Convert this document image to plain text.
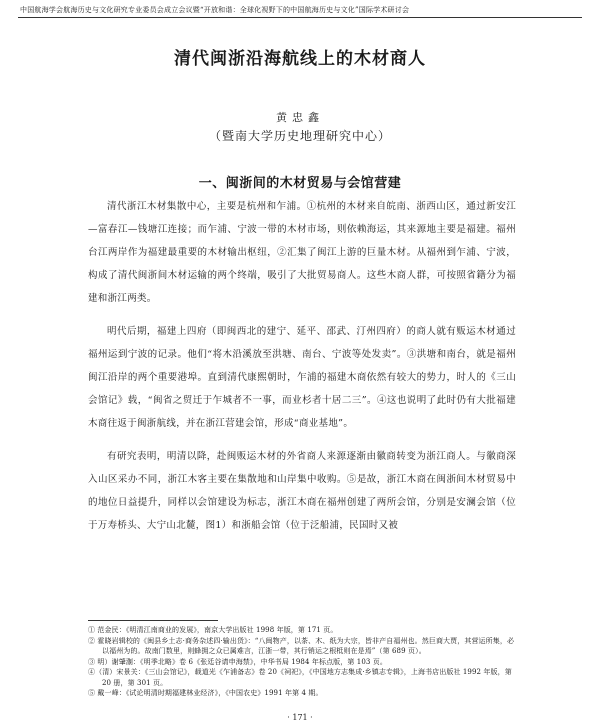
中国航海学会航海历史与文化研究专业委员会成立会议暨“开放和谐：全球化视野下的中国航海历史与文化”国际学术研讨会
清代闽浙沿海航线上的木材商人
黄忠鑫
（暨南大学历史地理研究中心）
一、闽浙间的木材贸易与会馆营建

清代浙江木材集散中心，主要是杭州和乍浦。①杭州的木材来自皖南、浙西山区，通过新安江—富春江—钱塘江连接；而乍浦、宁波一带的木材市场，则依赖海运，其来源地主要是福建。福州台江两岸作为福建最重要的木材输出枢纽，②汇集了闽江上游的巨量木材。从福州到乍浦、宁波，构成了清代闽浙间木材运输的两个终端，吸引了大批贸易商人。这些木商人群，可按照省籍分为福建和浙江两类。

明代后期，福建上四府（即闽西北的建宁、延平、邵武、汀州四府）的商人就有贩运木材通过福州运到宁波的记录。他们“将木沿溪放至洪塘、南台、宁波等处发卖”。③洪塘和南台，就是福州闽江沿岸的两个重要港埠。直到清代康熙朝时，乍浦的福建木商依然有较大的势力，时人的《三山会馆记》载，“闽省之贸迁于乍城者不一事，而业杉者十居二三”。④这也说明了此时仍有大批福建木商往返于闽浙航线，并在浙江营建会馆，形成“商业基地”。

有研究表明，明清以降，赴闽贩运木材的外省商人来源逐渐由徽商转变为浙江商人。与徽商深入山区采办不同，浙江木客主要在集散地和山岸集中收购。⑤是故，浙江木商在闽浙间木材贸易中的地位日益提升，同样以会馆建设为标志，浙江木商在福州创建了两所会馆，分别是安澜会馆（位于万寿桥头、大宁山北麓，图1）和浙船会馆（位于泛船浦，民国时又被

① 范金民：《明清江南商业的发展》，南京大学出版社 1998 年版，第 171 页。

② 霍晓岩辑校的《闽县乡土志·商务杂述四·输出货》：“八闽物产，以茶、木、纸为大宗，皆非产自福州也。然巨商大贾，其营运所集，必以福州为的。故南门数里，则蜂拥之众已属难言，江浙一带，其行销运之根柢则在是焉”（第 689 页）。

③ 明）谢肇淛：《明季北略》卷 6《张廷谷请申海禁》，中华书局 1984 年标点版，第 103 页。

④（清）宋景关：《三山会馆记》，载道光《乍浦备志》卷 20《祠祀》，《中国地方志集成·乡镇志专辑》，上海书店出版社 1992 年版，第 20 册，第 301 页。

⑤ 戴一峰：《试论明清时期福建林业经济》，《中国农史》1991 年第 4 期。

· 171 ·
